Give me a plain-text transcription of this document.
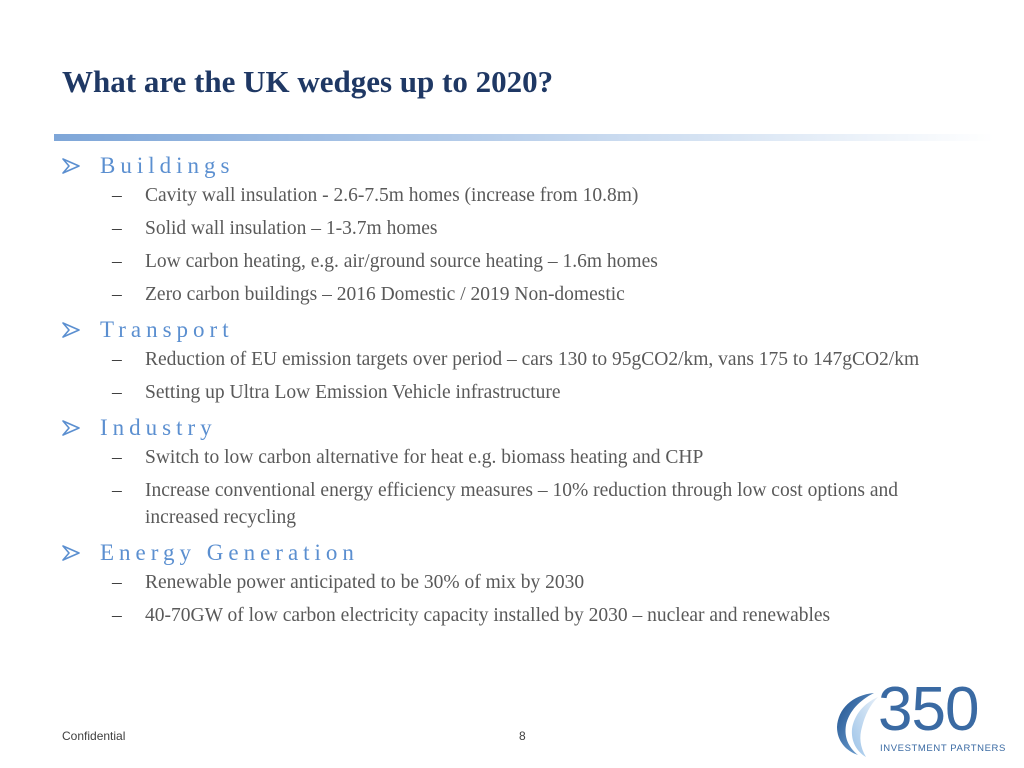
What are the UK wedges up to 2020?
Buildings
– Cavity wall insulation - 2.6-7.5m homes (increase from 10.8m)
– Solid wall insulation – 1-3.7m homes
– Low carbon heating, e.g. air/ground source heating – 1.6m homes
– Zero carbon buildings – 2016 Domestic / 2019 Non-domestic
Transport
– Reduction of EU emission targets over period – cars 130 to 95gCO2/km, vans 175 to 147gCO2/km
– Setting up Ultra Low Emission Vehicle infrastructure
Industry
– Switch to low carbon alternative for heat e.g. biomass heating and CHP
– Increase conventional energy efficiency measures – 10% reduction through low cost options and increased recycling
Energy Generation
– Renewable power anticipated to be 30% of mix by 2030
– 40-70GW of low carbon electricity capacity installed by 2030 – nuclear and renewables
Confidential	8	350
INVESTMENT PARTNERS
